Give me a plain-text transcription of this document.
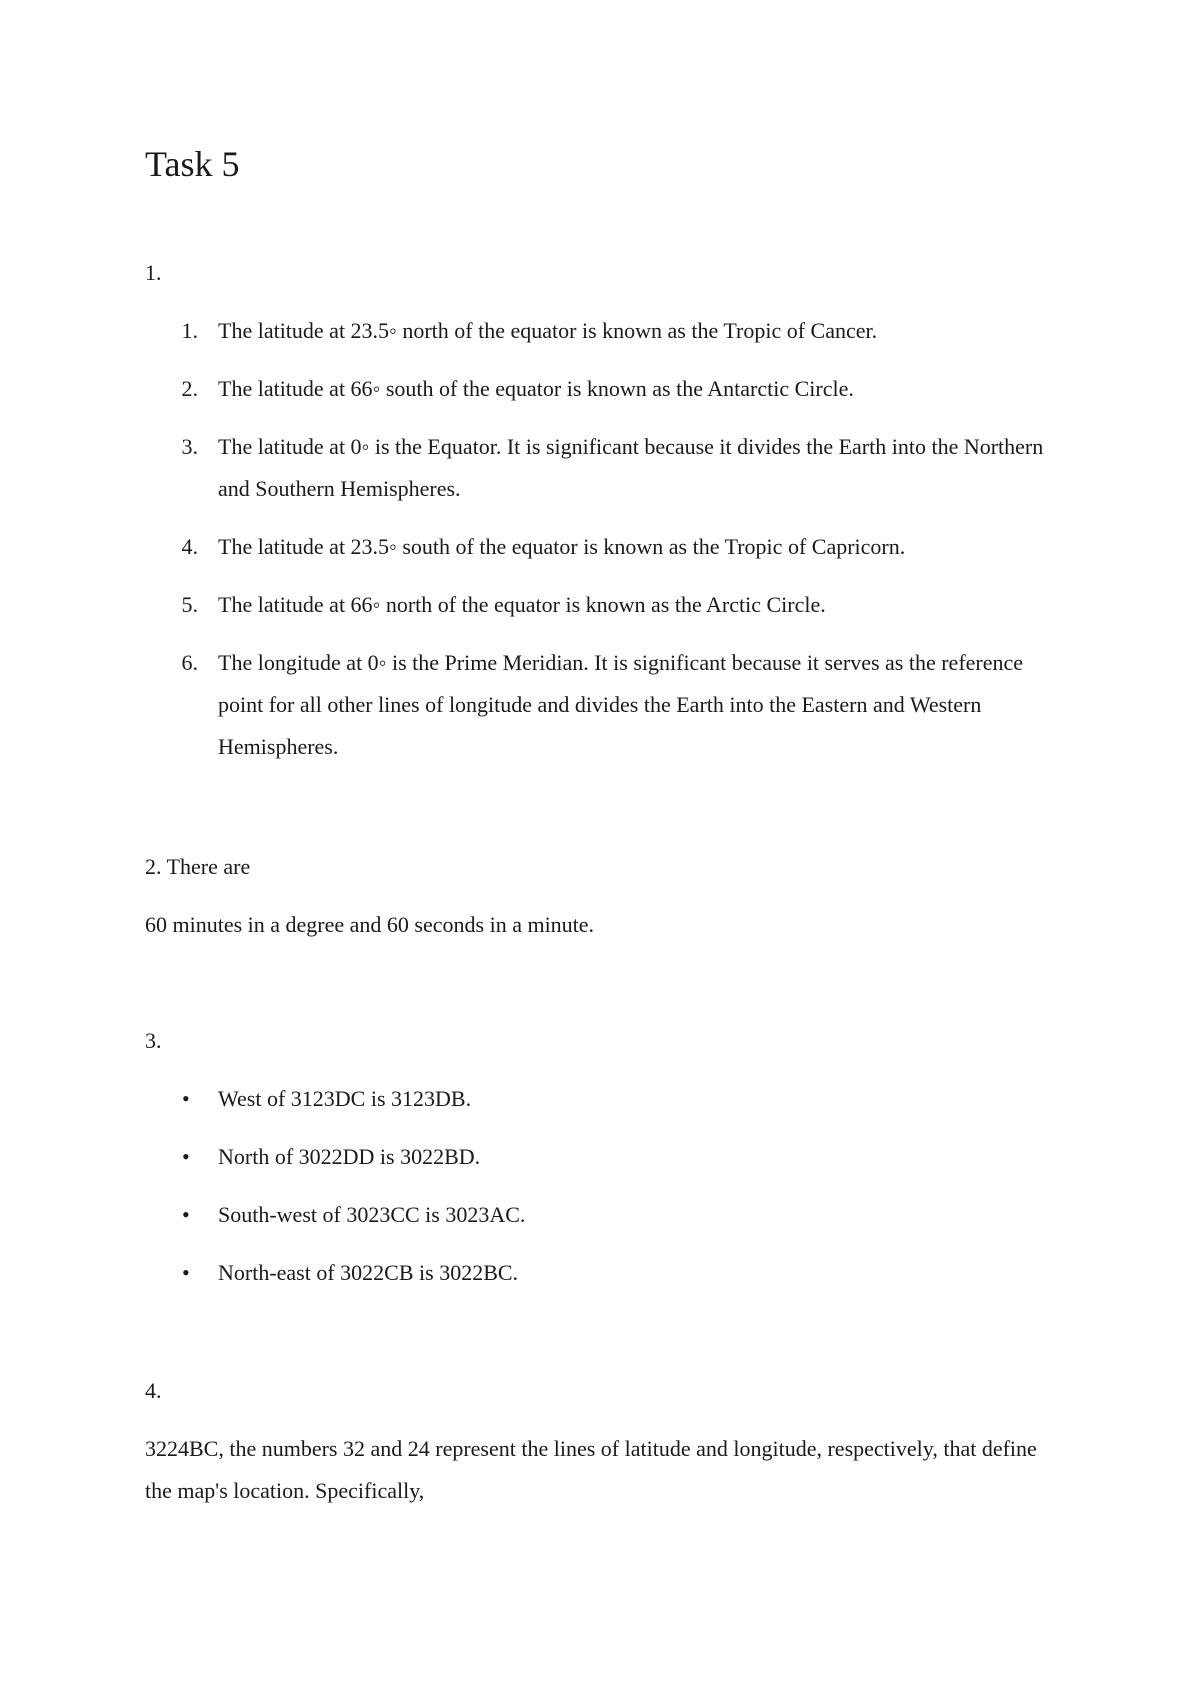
Task 5

1.

1. The latitude at 23.5◦ north of the equator is known as the Tropic of Cancer.
2. The latitude at 66◦ south of the equator is known as the Antarctic Circle.
3. The latitude at 0◦ is the Equator. It is significant because it divides the Earth into the Northern and Southern Hemispheres.
4. The latitude at 23.5◦ south of the equator is known as the Tropic of Capricorn.
5. The latitude at 66◦ north of the equator is known as the Arctic Circle.
6. The longitude at 0◦ is the Prime Meridian. It is significant because it serves as the reference point for all other lines of longitude and divides the Earth into the Eastern and Western Hemispheres.

2. There are

60 minutes in a degree and 60 seconds in a minute.

3.

• West of 3123DC is 3123DB.
• North of 3022DD is 3022BD.
• South-west of 3023CC is 3023AC.
• North-east of 3022CB is 3022BC.

4.

3224BC, the numbers 32 and 24 represent the lines of latitude and longitude, respectively, that define the map's location. Specifically,
